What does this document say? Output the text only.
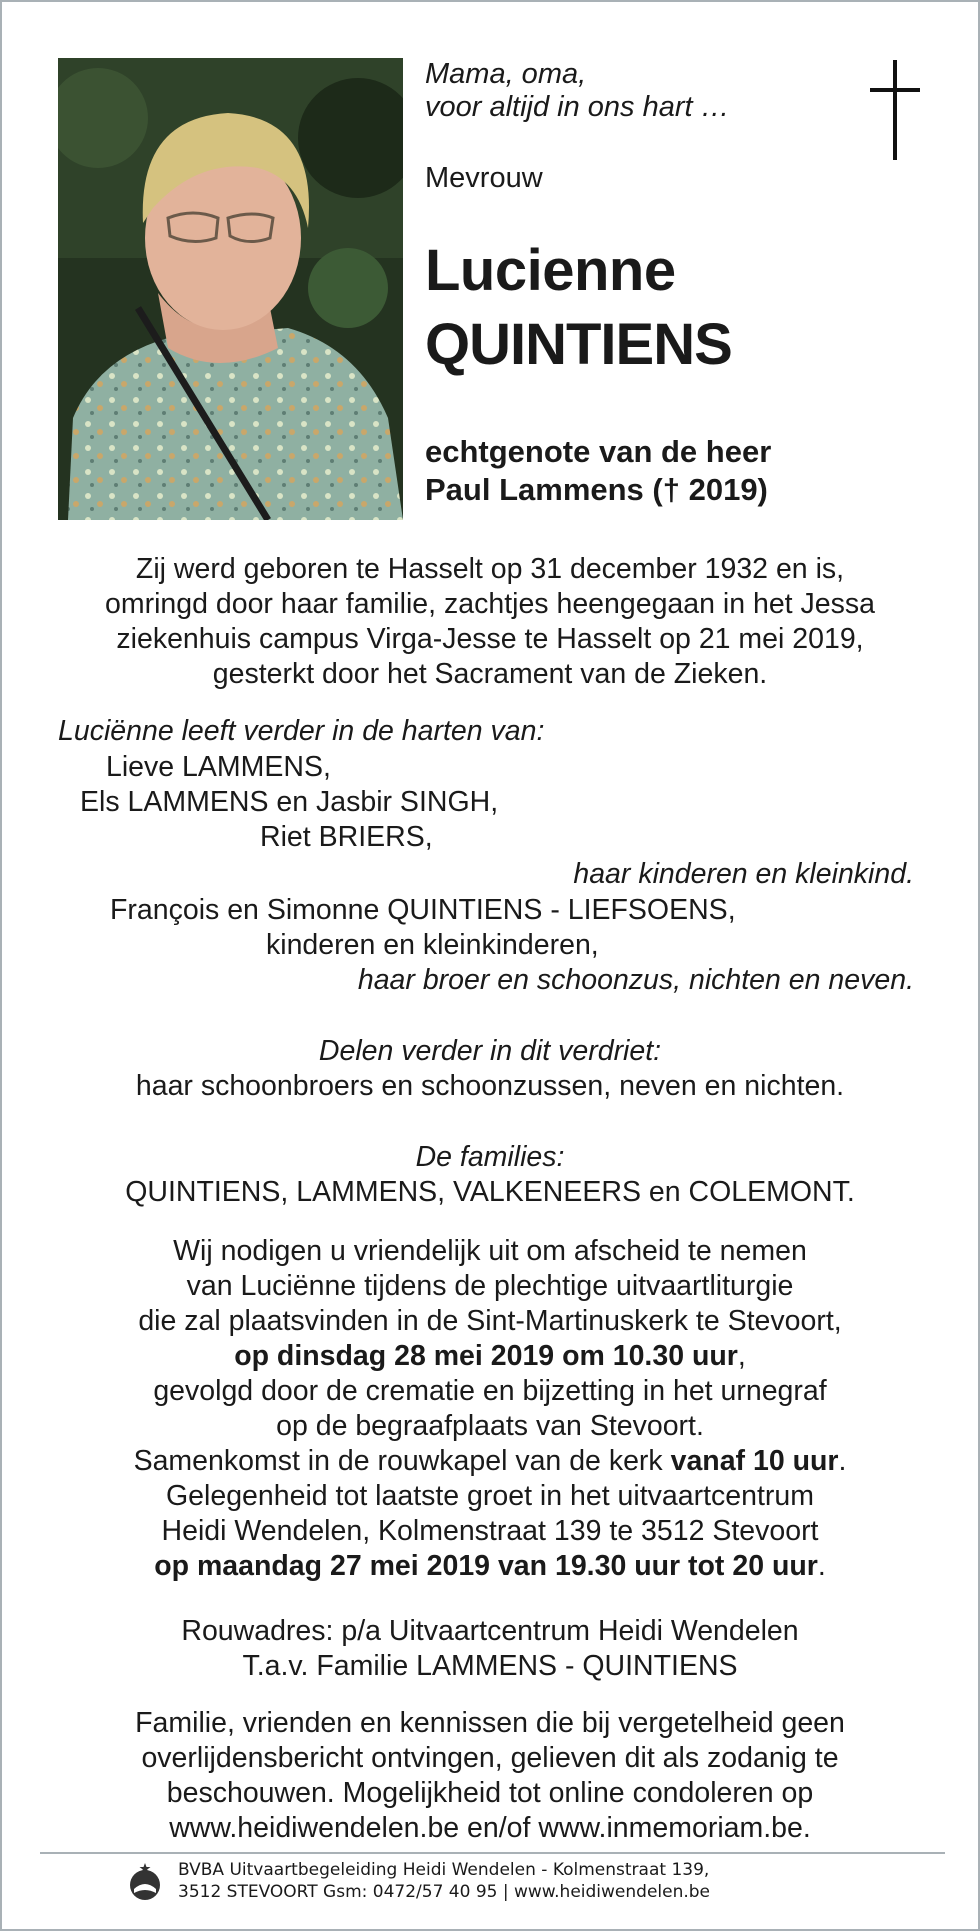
Mama, oma,
voor altijd in ons hart …
Mevrouw
Lucienne
QUINTIENS
echtgenote van de heer
Paul Lammens († 2019)
Zij werd geboren te Hasselt op 31 december 1932 en is,
omringd door haar familie, zachtjes heengegaan in het Jessa
ziekenhuis campus Virga-Jesse te Hasselt op 21 mei 2019,
gesterkt door het Sacrament van de Zieken.
Luciënne leeft verder in de harten van:
Lieve LAMMENS,
Els LAMMENS en Jasbir SINGH,
Riet BRIERS,
haar kinderen en kleinkind.
François en Simonne QUINTIENS - LIEFSOENS,
kinderen en kleinkinderen,
haar broer en schoonzus, nichten en neven.
Delen verder in dit verdriet:
haar schoonbroers en schoonzussen, neven en nichten.
De families:
QUINTIENS, LAMMENS, VALKENEERS en COLEMONT.
Wij nodigen u vriendelijk uit om afscheid te nemen
van Luciënne tijdens de plechtige uitvaartliturgie
die zal plaatsvinden in de Sint-Martinuskerk te Stevoort,
op dinsdag 28 mei 2019 om 10.30 uur,
gevolgd door de crematie en bijzetting in het urnegraf
op de begraafplaats van Stevoort.
Samenkomst in de rouwkapel van de kerk vanaf 10 uur.
Gelegenheid tot laatste groet in het uitvaartcentrum
Heidi Wendelen, Kolmenstraat 139 te 3512 Stevoort
op maandag 27 mei 2019 van 19.30 uur tot 20 uur.
Rouwadres: p/a Uitvaartcentrum Heidi Wendelen
T.a.v. Familie LAMMENS - QUINTIENS
Familie, vrienden en kennissen die bij vergetelheid geen
overlijdensbericht ontvingen, gelieven dit als zodanig te
beschouwen. Mogelijkheid tot online condoleren op
www.heidiwendelen.be en/of www.inmemoriam.be.
BVBA Uitvaartbegeleiding Heidi Wendelen - Kolmenstraat 139,
3512 STEVOORT Gsm: 0472/57 40 95 | www.heidiwendelen.be
